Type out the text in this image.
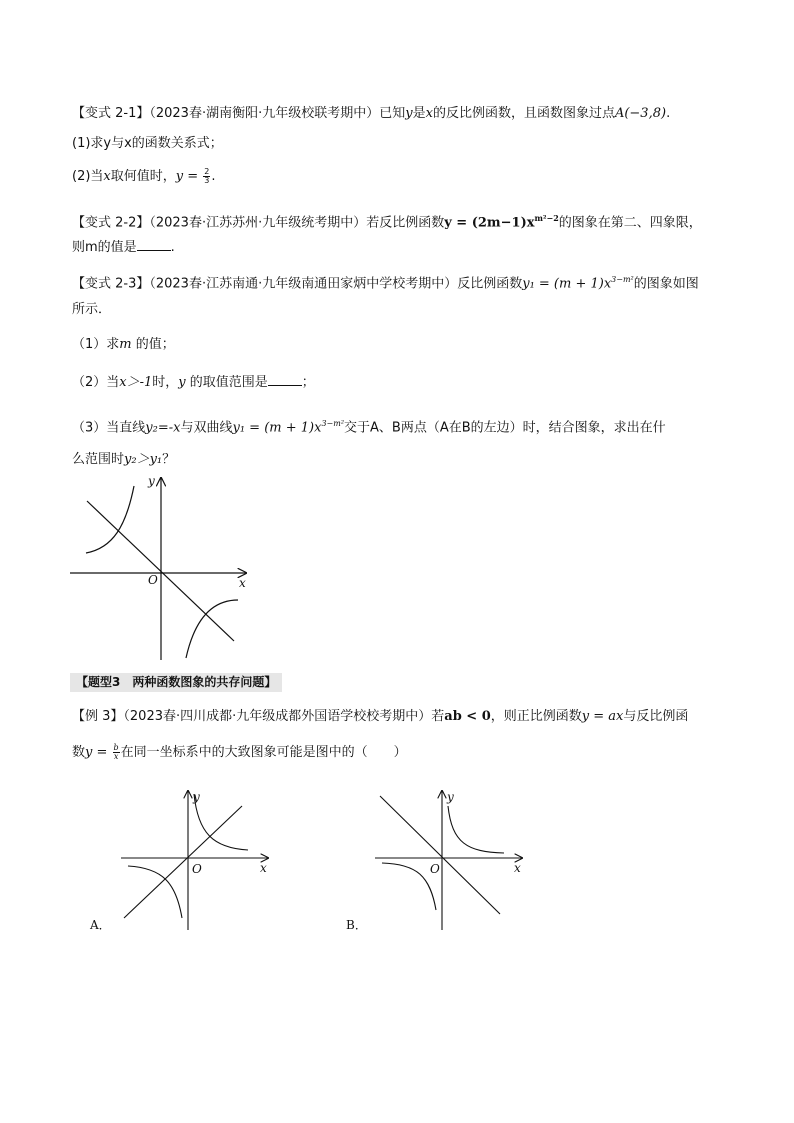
【变式 2-1】（2023春·湖南衡阳·九年级校联考期中）已知y是x的反比例函数，且函数图象过点A(−3,8).
(1)求y与x的函数关系式；
(2)当x取何值时，$y = \frac{2}{3}$ .
【变式 2-2】（2023春·江苏苏州·九年级统考期中）若反比例函数$y = (2m-1)x^{m^2-2}$的图象在第二、四象限，
则m的值是	.
【变式 2-3】（2023春·江苏南通·九年级南通田家炳中学校考期中）反比例函数$y_1 = (m + 1)x^{3-m^2}$的图象如图
所示．
（1）求m 的值；
（2）当x＞-1时，y 的取值范围是	；
（3）当直线y₂=-x与双曲线$y_1 = (m + 1)x^{3-m^2}$交于A、B两点（A在B的左边）时，结合图象，求出在什
么范围时y₂＞y₁？
x
y
O
【题型3　两种函数图象的共存问题】
【例 3】（2023春·四川成都·九年级成都外国语学校校考期中）若ab < 0，则正比例函数y = ax与反比例函
数$y = \frac{b}{x}$ 在同一坐标系中的大致图象可能是图中的（　　）
x
y
O
A．
x
y
O
B．
